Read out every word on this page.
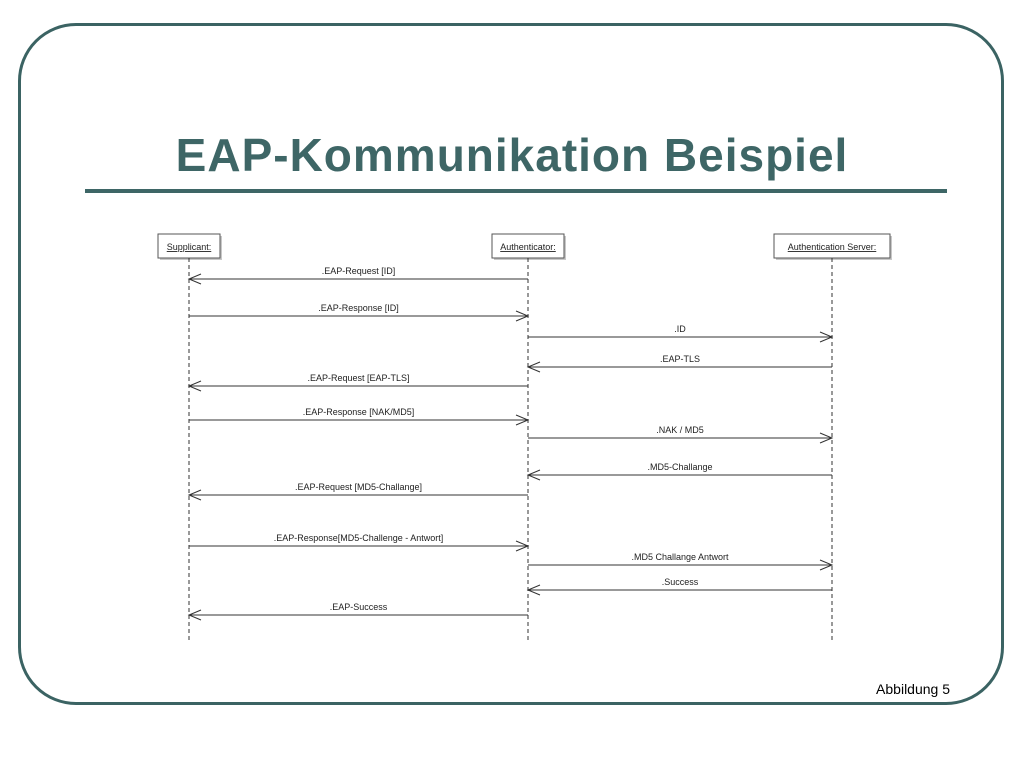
EAP-Kommunikation Beispiel
Supplicant:	Authenticator:	Authentication Server:
.EAP-Request [ID]
.EAP-Response [ID]
.ID
.EAP-TLS
.EAP-Request [EAP-TLS]
.EAP-Response [NAK/MD5]
.NAK / MD5
.MD5-Challange
.EAP-Request [MD5-Challange]
.EAP-Response[MD5-Challenge - Antwort]
.MD5 Challange Antwort
.Success
.EAP-Success
Abbildung 5
